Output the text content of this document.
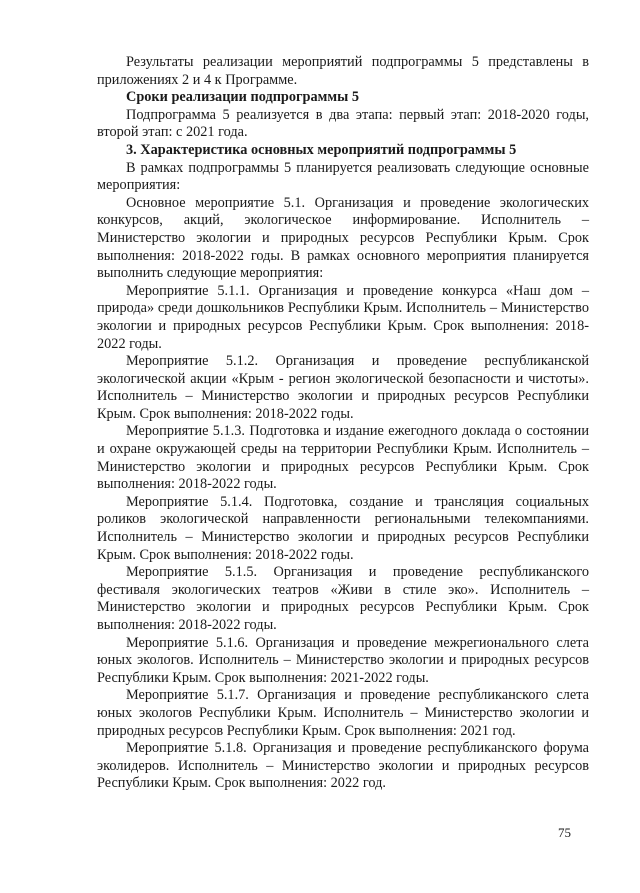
Результаты реализации мероприятий подпрограммы 5 представлены в приложениях 2 и 4 к Программе.

Сроки реализации подпрограммы 5

Подпрограмма 5 реализуется в два этапа: первый этап: 2018-2020 годы, второй этап: с 2021 года.

3. Характеристика основных мероприятий подпрограммы 5

В рамках подпрограммы 5 планируется реализовать следующие основные мероприятия:

Основное мероприятие 5.1. Организация и проведение экологических конкурсов, акций, экологическое информирование. Исполнитель – Министерство экологии и природных ресурсов Республики Крым. Срок выполнения: 2018-2022 годы. В рамках основного мероприятия планируется выполнить следующие мероприятия:

Мероприятие 5.1.1. Организация и проведение конкурса «Наш дом – природа» среди дошкольников Республики Крым. Исполнитель – Министерство экологии и природных ресурсов Республики Крым. Срок выполнения: 2018-2022 годы.

Мероприятие 5.1.2. Организация и проведение республиканской экологической акции «Крым - регион экологической безопасности и чистоты». Исполнитель – Министерство экологии и природных ресурсов Республики Крым. Срок выполнения: 2018-2022 годы.

Мероприятие 5.1.3. Подготовка и издание ежегодного доклада о состоянии и охране окружающей среды на территории Республики Крым. Исполнитель – Министерство экологии и природных ресурсов Республики Крым. Срок выполнения: 2018-2022 годы.

Мероприятие 5.1.4. Подготовка, создание и трансляция социальных роликов экологической направленности региональными телекомпаниями. Исполнитель – Министерство экологии и природных ресурсов Республики Крым. Срок выполнения: 2018-2022 годы.

Мероприятие 5.1.5. Организация и проведение республиканского фестиваля экологических театров «Живи в стиле эко». Исполнитель – Министерство экологии и природных ресурсов Республики Крым. Срок выполнения: 2018-2022 годы.

Мероприятие 5.1.6. Организация и проведение межрегионального слета юных экологов. Исполнитель – Министерство экологии и природных ресурсов Республики Крым. Срок выполнения: 2021-2022 годы.

Мероприятие 5.1.7. Организация и проведение республиканского слета юных экологов Республики Крым. Исполнитель – Министерство экологии и природных ресурсов Республики Крым. Срок выполнения: 2021 год.

Мероприятие 5.1.8. Организация и проведение республиканского форума эколидеров. Исполнитель – Министерство экологии и природных ресурсов Республики Крым. Срок выполнения: 2022 год.

75
